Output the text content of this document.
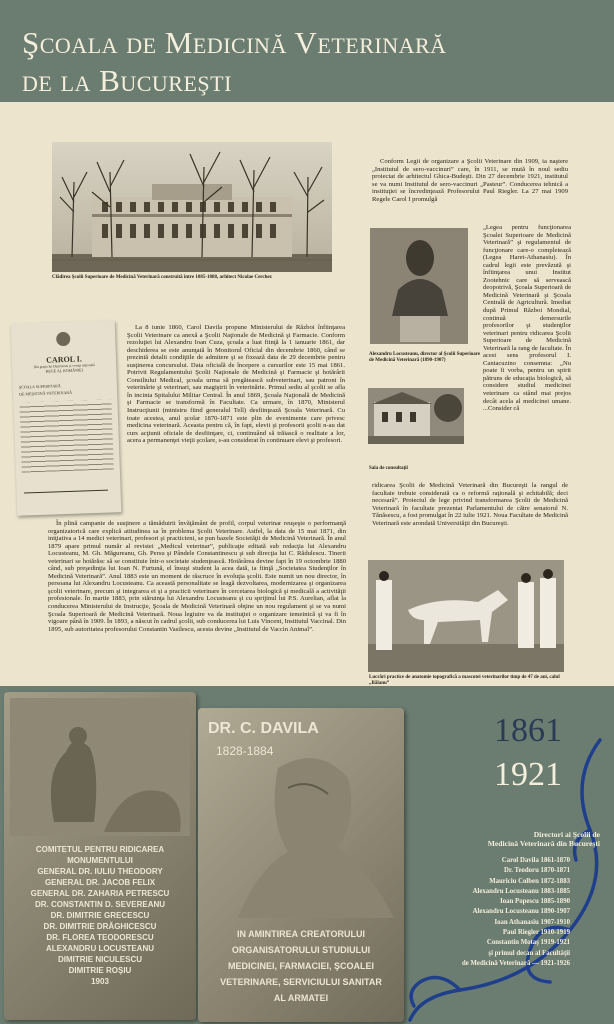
Şcoala de Medicină Veterinară
de la Bucureşti
Clădirea Şcolii Superioare de Medicină Veterinară construită între 1885-1888, arhitect Nicolae Cerchez
CAROL I.
Din graţia lui Dumnezeu şi voinţa naţională
REGE AL ROMÂNIEI
ŞCOALA SUPERIOARĂ
DE MEDICINĂ VETERINARĂ

La 8 iunie 1860, Carol Davila propune Ministerului de Război înfiinţarea Şcolii Veterinare ca anexă a Şcolii Naţionale de Medicină şi Farmacie. Conform rezoluţiei lui Alexandru Ioan Cuza, şcoala a luat fiinţă la 1 ianuarie 1861, dar deschiderea se este anunţată în Monitorul Oficial din decembrie 1860, când se prezintă detalii condiţiile de admitere şi se fixează data de 29 decembrie pentru susţinerea concursului. Data oficială de începere a cursurilor este 15 mai 1861. Potrivit Regulamentului Şcolii Naţionale de Medicină şi Farmacie şi hotărârii Consiliului Medical, şcoala urma să pregătească subveterinari, sau patroni în veterinărie şi veterinari, sau magiştrii în veterinărie. Primul sediu al şcolii se afla în incinta Spitalului Militar Central. În anul 1869, Şcoala Naţională de Medicină şi Farmacie se transformă în Facultate. Ca urmare, în 1870, Ministerul Instrucţiunii (ministru fiind generalul Tell) desfiinţează Şcoala Veterinară. Cu toate acestea, anul şcolar 1870-1871 este plin de evenimente care privesc medicina veterinară. Aceasta pentru că, în fapt, elevii şi profesorii şcolii n-au dat curs acţiunii oficiale de desfiinţare, ci, continuând să trăiască o realitate a lor, acera a permanenţei vieţii şcolare, s-au considerat în continuare elevi şi profesori.

În plină campanie de susţinere a tămăduirii învăţământ de profil, corpul veterinar reuşeşte o performanţă organizatorică care explică atitudinea sa în problema Şcolii Veterinare. Astfel, la data de 15 mai 1871, din iniţiativa a 14 medici veterinari, profesori şi practicieni, se pun bazele Societăţii de Medicină Veterinară. În anul 1879 apare primul număr al revistei „Medicul veterinar”, publicaţie editată sub redacţia lui Alexandru Locusteanu, M. Gh. Măgureanu, Gh. Persu şi Pândele Constantinescu şi sub direcţia lui C. Rădulescu. Tinerii veterinari se hotărăsc să se constituie într-o societate studenţească. Hotărârea devine fapt în 19 octombrie 1880 când, sub preşedinţia lui Ioan N. Furtună, el însuşi student la acea dată, ia fiinţă „Societatea Studenţilor în Medicină Veterinară”. Anul 1883 este un moment de răscruce în evoluţia şcolii. Este numit un nou director, în persoana lui Alexandru Locusteanu. Ca această personalitate se leagă dezvoltarea, modernizarea şi organizarea şcolii veterinare, precum şi integrarea ei şi a practicii veterinare în cercetarea biologică şi medicală a activităţii profesionale. În martie 1883, prin stăruinţa lui Alexandru Locusteanu şi cu sprijinul lui P.S. Aurelian, aflat la conducerea Ministerului de Instrucţie, Şcoala de Medicină Veterinară obţine un nou regulament şi se va numi Şcoala Superioară de Medicină Veterinară. Noua legiuire va da instituţiei o organizare temeinică şi va fi în vigoare până în 1909. În 1893, a născut în cadrul şcolii, sub conducerea lui Luis Vincent, Institutul Vaccinal. Din 1895, sub autoritatea profesorului Constantin Vasilescu, acesta devine „Institutul de Vaccin Animal”.

Conform Legii de organizare a Şcolii Veterinare din 1909, ia naştere „Institutul de sero-vaccinuri” care, în 1911, se mută în noul sediu proiectat de arhitectul Ghica-Budeşti. Din 27 decembrie 1921, institutul se va numi Institutul de sero-vaccinuri „Pasteur”. Conducerea tehnică a instituţiei se încredinţează Profesorului Paul Riegler. La 27 mai 1909 Regele Carol I promulgă

„Legea pentru funcţionarea Şcoalei Superioare de Medicină Veterinară” şi regulamentul de funcţionare care-o completează (Legea Haret-Athanasiu). În cadrul legii este prevăzută şi înfiinţarea unui Institut Zootehnic care să servească deopotrivă, Şcoala Superioară de Medicină Veterinară şi Şcoala Centrală de Agricultură. Imediat după Primul Război Mondial, continuă demersurile profesorilor şi studenţilor veterinari pentru ridicarea Şcolii Superioare de Medicină Veterinară la rang de facultate. În acest sens profesorul I. Cantacuzino consemna: „Nu poate fi vorba, pentru un spirit pătruns de educaţia biologică, să considere studiul medicinei veterinare ca stând mai prejos decât acela al medicinei umane. ...Consider că

Alexandru Locusteanu, director al Şcolii Superioare de Medicină Veterinară (1890-1907)
Sala de consultaţii

ridicarea Şcolii de Medicină Veterinară din Bucureşti la rangul de facultate trebuie considerată ca o reformă raţională şi echitabilă; deci necesară”. Proiectul de lege privind transformarea Şcolii de Medicină Veterinară în facultate prezentat Parlamentului de către senatorul N. Tănăsescu, a fost promulgat în 22 iulie 1921. Noua Facultate de Medicină Veterinară este arondată Universităţii din Bucureşti.

Lucrări practice de anatomie topografică a mascotei veterinarilor timp de 47 de ani, calul „Bălanu”
1861
1921
Directori ai Şcolii de
Medicină Veterinară din Bucureşti
Carol Davila 1861-1870
Dr. Teodoru 1870-1871
Mauriciu Colben 1872-1883
Alexandru Locusteanu 1883-1885
Ioan Popescu 1885-1890
Alexandru Locusteanu 1890-1907
Ioan Athanasiu 1907-1910
Paul Riegler 1910-1919
Constantin Motaş 1919-1921
şi primul decan al Facultăţii
de Medicină Veterinară — 1921-1926
COMITETUL PENTRU RIDICAREA
MONUMENTULUI
GENERAL DR. IULIU THEODORY
GENERAL DR. JACOB FELIX
GENERAL DR. ZAHARIA PETRESCU
DR. CONSTANTIN D. SEVEREANU
DR. DIMITRIE GRECESCU
DR. DIMITRIE DRĂGHICESCU
DR. FLOREA TEODORESCU
ALEXANDRU LOCUSTEANU
DIMITRIE NICULESCU
DIMITRIE ROŞIU
1903
DR. C. DAVILA
1828-1884
IN AMINTIREA CREATORULUI
ORGANISATORULUI STUDIULUI
MEDICINEI, FARMACIEI, ŞCOALEI
VETERINARE, SERVICIULUI SANITAR
AL ARMATEI
